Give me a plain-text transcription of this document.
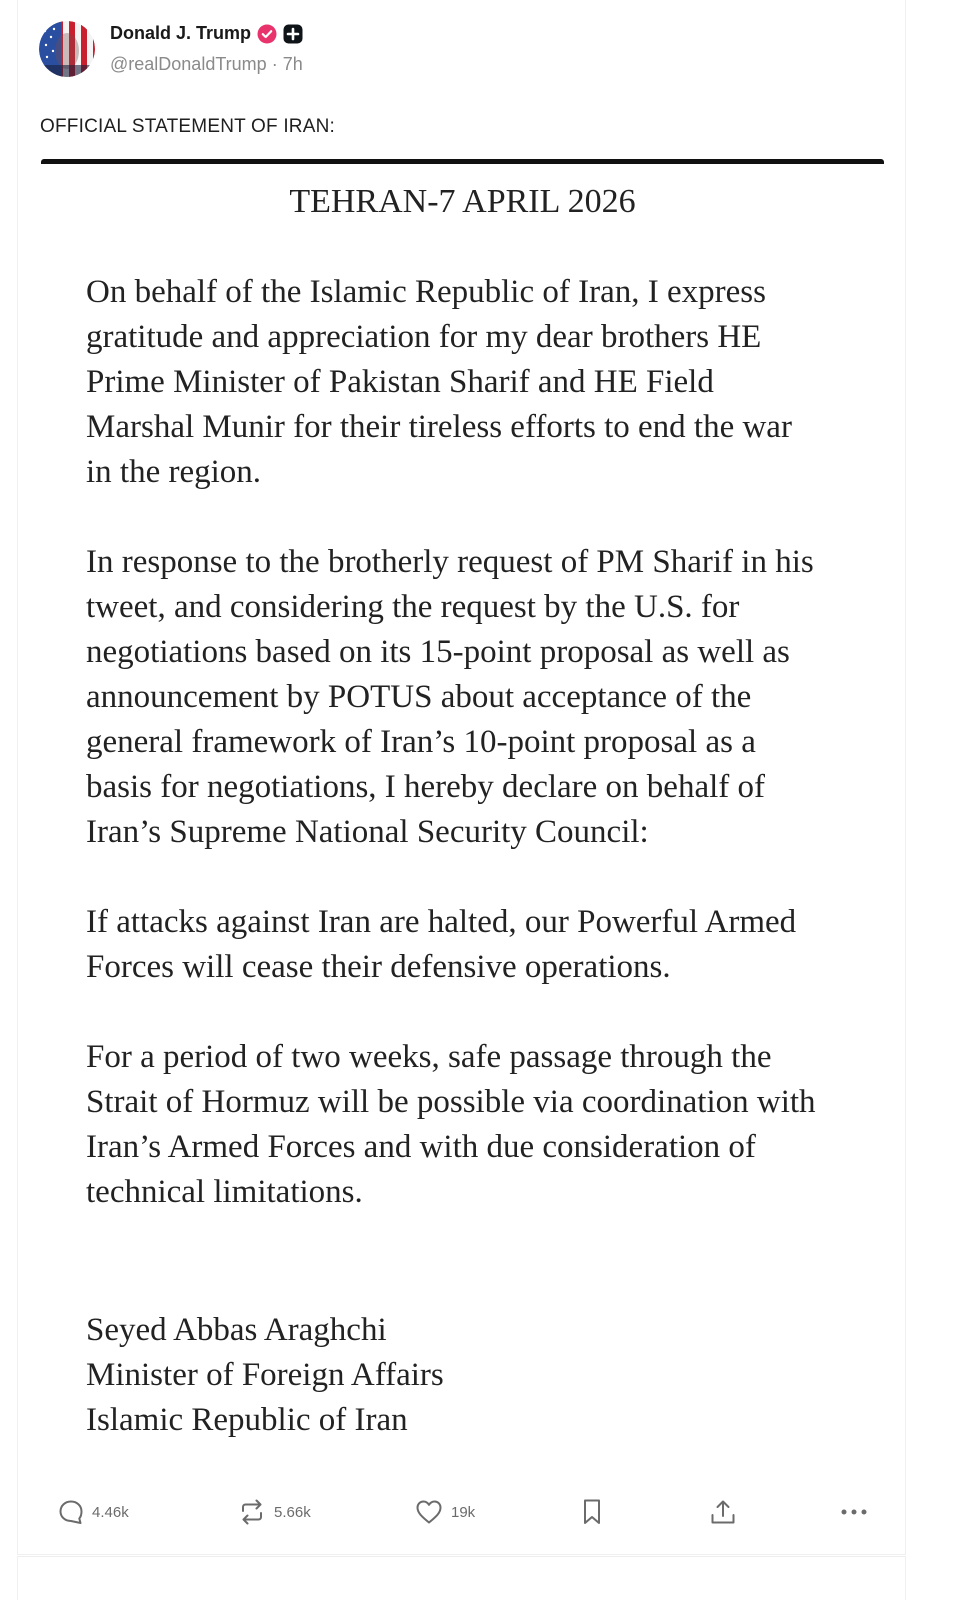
Donald J. Trump
@realDonaldTrump · 7h
OFFICIAL STATEMENT OF IRAN:
TEHRAN-7 APRIL 2026
On behalf of the Islamic Republic of Iran, I express
gratitude and appreciation for my dear brothers HE
Prime Minister of Pakistan Sharif and HE Field
Marshal Munir for their tireless efforts to end the war
in the region.
In response to the brotherly request of PM Sharif in his
tweet, and considering the request by the U.S. for
negotiations based on its 15-point proposal as well as
announcement by POTUS about acceptance of the
general framework of Iran’s 10-point proposal as a
basis for negotiations, I hereby declare on behalf of
Iran’s Supreme National Security Council:
If attacks against Iran are halted, our Powerful Armed
Forces will cease their defensive operations.
For a period of two weeks, safe passage through the
Strait of Hormuz will be possible via coordination with
Iran’s Armed Forces and with due consideration of
technical limitations.
Seyed Abbas Araghchi
Minister of Foreign Affairs
Islamic Republic of Iran
4.46k	5.66k	19k
